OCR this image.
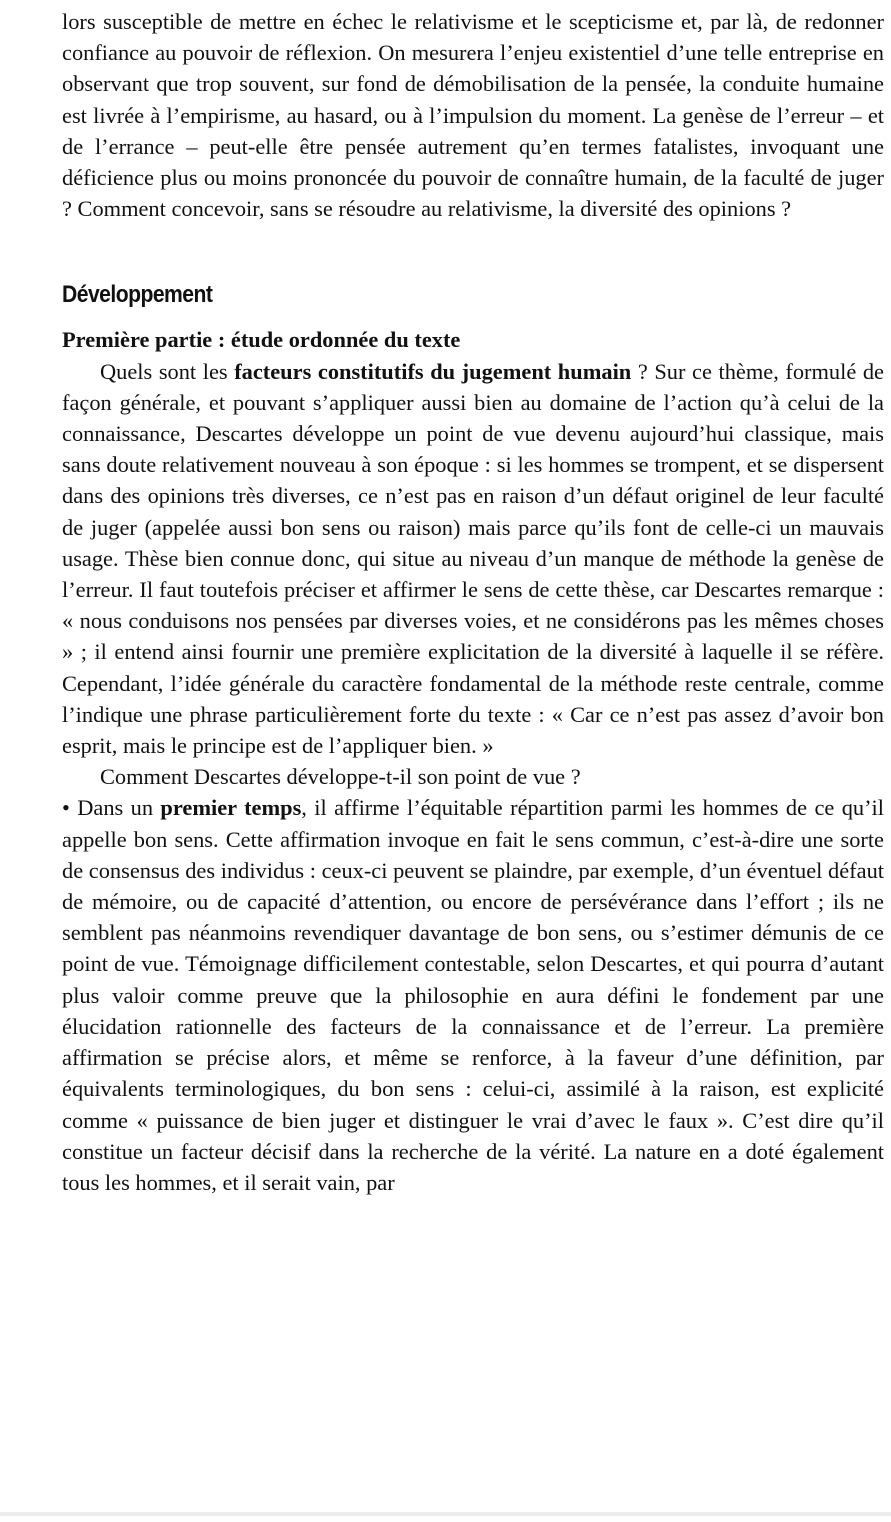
lors susceptible de mettre en échec le relativisme et le scepticisme et, par là, de redonner confiance au pouvoir de réflexion. On mesurera l’enjeu existentiel d’une telle entreprise en observant que trop souvent, sur fond de démobilisation de la pensée, la conduite humaine est livrée à l’empirisme, au hasard, ou à l’impulsion du moment. La genèse de l’erreur – et de l’errance – peut-elle être pensée autrement qu’en termes fatalistes, invoquant une déficience plus ou moins prononcée du pouvoir de connaître humain, de la faculté de juger ? Comment concevoir, sans se résoudre au relativisme, la diversité des opinions ?

Développement

Première partie : étude ordonnée du texte

Quels sont les facteurs constitutifs du jugement humain ? Sur ce thème, formulé de façon générale, et pouvant s’appliquer aussi bien au domaine de l’action qu’à celui de la connaissance, Descartes développe un point de vue devenu aujourd’hui classique, mais sans doute relativement nouveau à son époque : si les hommes se trompent, et se dispersent dans des opinions très diverses, ce n’est pas en raison d’un défaut originel de leur faculté de juger (appelée aussi bon sens ou raison) mais parce qu’ils font de celle-ci un mauvais usage. Thèse bien connue donc, qui situe au niveau d’un manque de méthode la genèse de l’erreur. Il faut toutefois préciser et affirmer le sens de cette thèse, car Descartes remarque : « nous conduisons nos pensées par diverses voies, et ne considérons pas les mêmes choses » ; il entend ainsi fournir une première explicitation de la diversité à laquelle il se réfère. Cependant, l’idée générale du caractère fondamental de la méthode reste centrale, comme l’indique une phrase particulièrement forte du texte : « Car ce n’est pas assez d’avoir bon esprit, mais le principe est de l’appliquer bien. »

Comment Descartes développe-t-il son point de vue ?

• Dans un premier temps, il affirme l’équitable répartition parmi les hommes de ce qu’il appelle bon sens. Cette affirmation invoque en fait le sens commun, c’est-à-dire une sorte de consensus des individus : ceux-ci peuvent se plaindre, par exemple, d’un éventuel défaut de mémoire, ou de capacité d’attention, ou encore de persévérance dans l’effort ; ils ne semblent pas néanmoins revendiquer davantage de bon sens, ou s’estimer démunis de ce point de vue. Témoignage difficilement contestable, selon Descartes, et qui pourra d’autant plus valoir comme preuve que la philosophie en aura défini le fondement par une élucidation rationnelle des facteurs de la connaissance et de l’erreur. La première affirmation se précise alors, et même se renforce, à la faveur d’une définition, par équivalents terminologiques, du bon sens : celui-ci, assimilé à la raison, est explicité comme « puissance de bien juger et distinguer le vrai d’avec le faux ». C’est dire qu’il constitue un facteur décisif dans la recherche de la vérité. La nature en a doté également tous les hommes, et il serait vain, par
